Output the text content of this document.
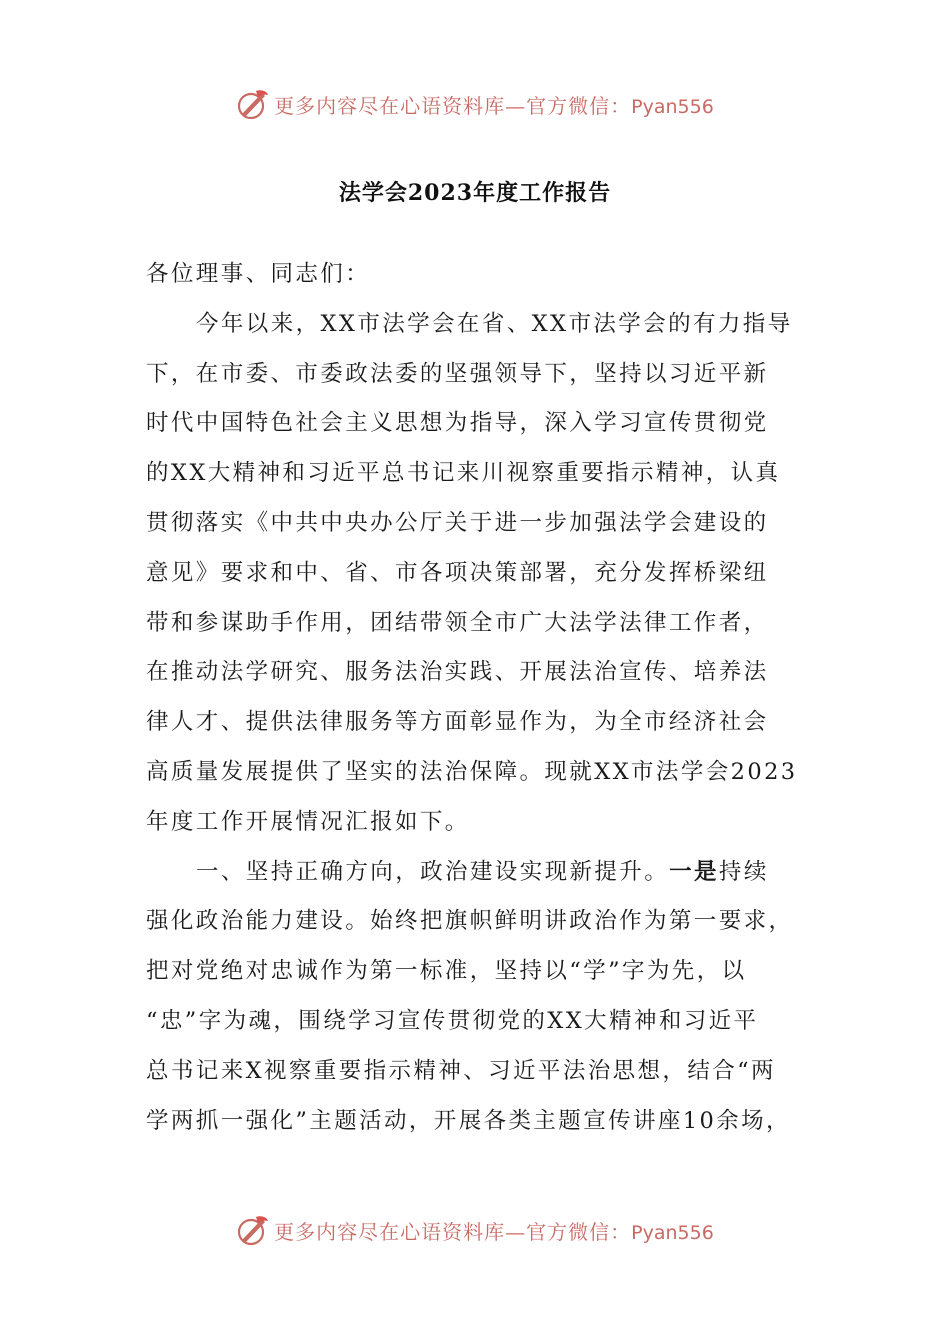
更多内容尽在心语资料库—官方微信：Pyan556
法学会2023年度工作报告
各位理事、同志们：
今年以来，XX市法学会在省、XX市法学会的有力指导
下，在市委、市委政法委的坚强领导下，坚持以习近平新
时代中国特色社会主义思想为指导，深入学习宣传贯彻党
的XX大精神和习近平总书记来川视察重要指示精神，认真
贯彻落实《中共中央办公厅关于进一步加强法学会建设的
意见》要求和中、省、市各项决策部署，充分发挥桥梁纽
带和参谋助手作用，团结带领全市广大法学法律工作者，
在推动法学研究、服务法治实践、开展法治宣传、培养法
律人才、提供法律服务等方面彰显作为，为全市经济社会
高质量发展提供了坚实的法治保障。现就XX市法学会2023
年度工作开展情况汇报如下。
一、坚持正确方向，政治建设实现新提升。一是持续
强化政治能力建设。始终把旗帜鲜明讲政治作为第一要求，
把对党绝对忠诚作为第一标准，坚持以“学”字为先，以
“忠”字为魂，围绕学习宣传贯彻党的XX大精神和习近平
总书记来X视察重要指示精神、习近平法治思想，结合“两
学两抓一强化”主题活动，开展各类主题宣传讲座10余场，
更多内容尽在心语资料库—官方微信：Pyan556
